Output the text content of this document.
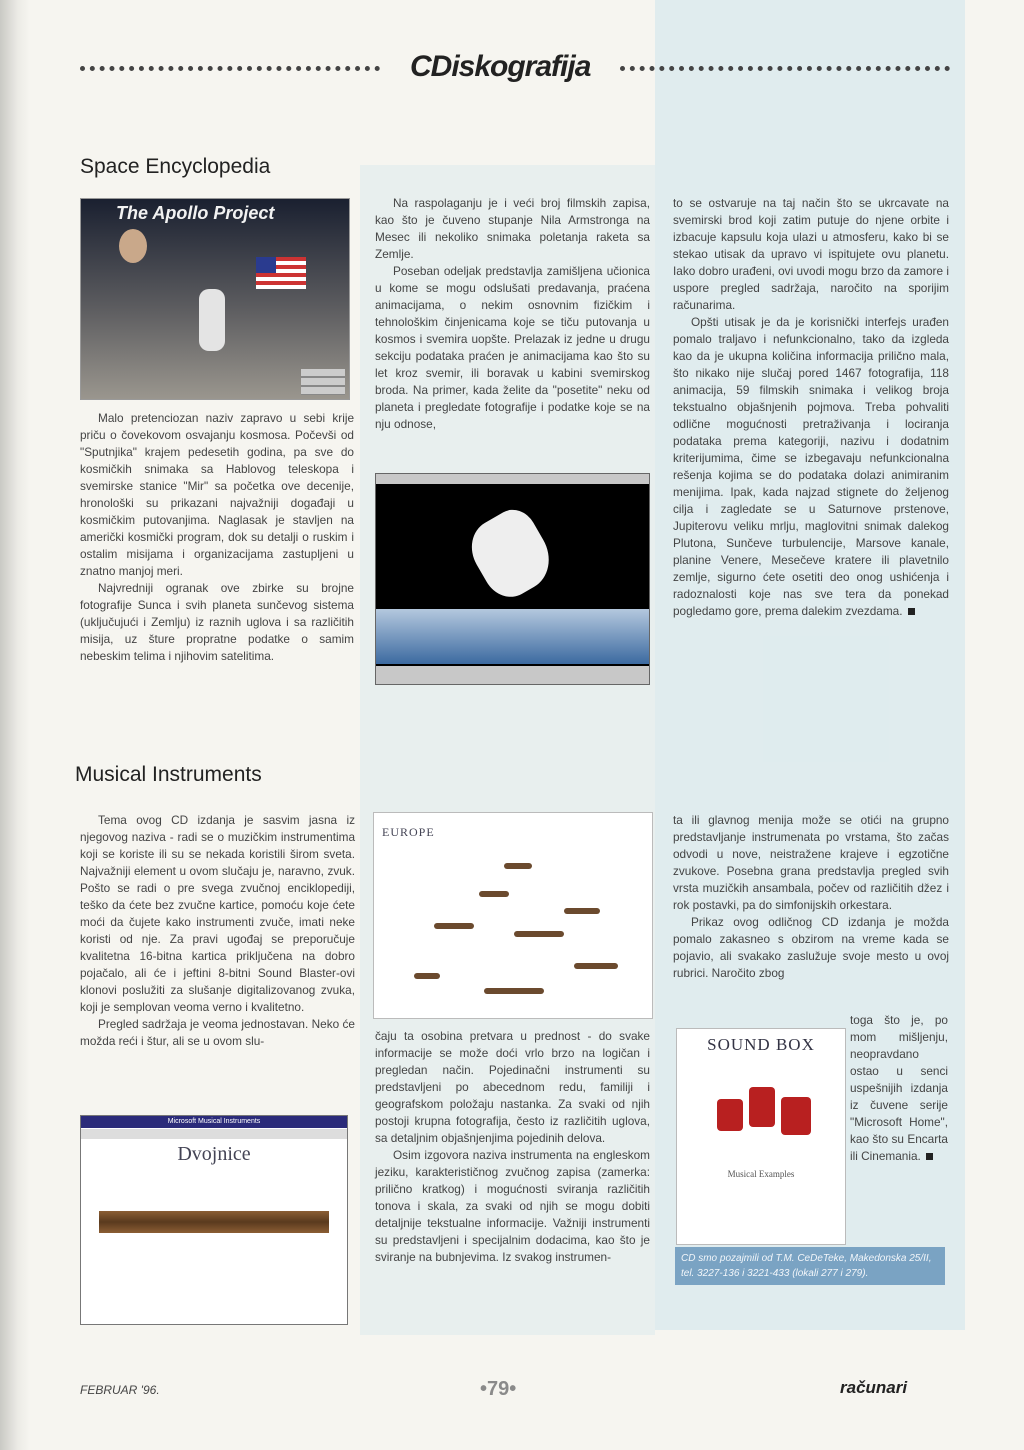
CDiskografija
Space Encyclopedia
The Apollo Project

Malo pretenciozan naziv zapravo u sebi krije priču o čovekovom osvajanju kosmosa. Počevši od "Sputnjika" krajem pedesetih godina, pa sve do kosmičkih snimaka sa Hablovog teleskopa i svemirske stanice "Mir" sa početka ove decenije, hronološki su prikazani najvažniji događaji u kosmičkim putovanjima. Naglasak je stavljen na američki kosmički program, dok su detalji o ruskim i ostalim misijama i organizacijama zastupljeni u znatno manjoj meri.

Najvredniji ogranak ove zbirke su brojne fotografije Sunca i svih planeta sunčevog sistema (uključujući i Zemlju) iz raznih uglova i sa različitih misija, uz šture propratne podatke o samim nebeskim telima i njihovim satelitima.

Na raspolaganju je i veći broj filmskih zapisa, kao što je čuveno stupanje Nila Armstronga na Mesec ili nekoliko snimaka poletanja raketa sa Zemlje.

Poseban odeljak predstavlja zamišljena učionica u kome se mogu odslušati predavanja, praćena animacijama, o nekim osnovnim fizičkim i tehnološkim činjenicama koje se tiču putovanja u kosmos i svemira uopšte. Prelazak iz jedne u drugu sekciju podataka praćen je animacijama kao što su let kroz svemir, ili boravak u kabini svemirskog broda. Na primer, kada želite da "posetite" neku od planeta i pregledate fotografije i podatke koje se na nju odnose,

to se ostvaruje na taj način što se ukrcavate na svemirski brod koji zatim putuje do njene orbite i izbacuje kapsulu koja ulazi u atmosferu, kako bi se stekao utisak da upravo vi ispitujete ovu planetu. Iako dobro urađeni, ovi uvodi mogu brzo da zamore i uspore pregled sadržaja, naročito na sporijim računarima.

Opšti utisak je da je korisnički interfejs urađen pomalo traljavo i nefunkcionalno, tako da izgleda kao da je ukupna količina informacija prilično mala, što nikako nije slučaj pored 1467 fotografija, 118 animacija, 59 filmskih snimaka i velikog broja tekstualno objašnjenih pojmova. Treba pohvaliti odlične mogućnosti pretraživanja i lociranja podataka prema kategoriji, nazivu i dodatnim kriterijumima, čime se izbegavaju nefunkcionalna rešenja kojima se do podataka dolazi animiranim menijima. Ipak, kada najzad stignete do željenog cilja i zagledate se u Saturnove prstenove, Jupiterovu veliku mrlju, maglovitni snimak dalekog Plutona, Sunčeve turbulencije, Marsove kanale, planine Venere, Mesečeve kratere ili plavetnilo zemlje, sigurno ćete osetiti deo onog ushićenja i radoznalosti koje nas sve tera da ponekad pogledamo gore, prema dalekim zvezdama.

Musical Instruments

Tema ovog CD izdanja je sasvim jasna iz njegovog naziva - radi se o muzičkim instrumentima koji se koriste ili su se nekada koristili širom sveta. Najvažniji element u ovom slučaju je, naravno, zvuk. Pošto se radi o pre svega zvučnoj enciklopediji, teško da ćete bez zvučne kartice, pomoću koje ćete moći da čujete kako instrumenti zvuče, imati neke koristi od nje. Za pravi ugođaj se preporučuje kvalitetna 16-bitna kartica priključena na dobro pojačalo, ali će i jeftini 8-bitni Sound Blaster-ovi klonovi poslužiti za slušanje digitalizovanog zvuka, koji je semplovan veoma verno i kvalitetno.

Pregled sadržaja je veoma jednostavan. Neko će možda reći i štur, ali se u ovom slu-

Microsoft Musical Instruments
Dvojnice
EUROPE

čaju ta osobina pretvara u prednost - do svake informacije se može doći vrlo brzo na logičan i pregledan način. Pojedinačni instrumenti su predstavljeni po abecednom redu, familiji i geografskom položaju nastanka. Za svaki od njih postoji krupna fotografija, često iz različitih uglova, sa detaljnim objašnjenjima pojedinih delova.

Osim izgovora naziva instrumenta na engleskom jeziku, karakterističnog zvučnog zapisa (zamerka: prilično kratkog) i mogućnosti sviranja različitih tonova i skala, za svaki od njih se mogu dobiti detaljnije tekstualne informacije. Važniji instrumenti su predstavljeni i specijalnim dodacima, kao što je sviranje na bubnjevima. Iz svakog instrumen-

ta ili glavnog menija može se otići na grupno predstavljanje instrumenata po vrstama, što začas odvodi u nove, neistražene krajeve i egzotične zvukove. Posebna grana predstavlja pregled svih vrsta muzičkih ansambala, počev od različitih džez i rok postavki, pa do simfonijskih orkestara.

Prikaz ovog odličnog CD izdanja je možda pomalo zakasneo s obzirom na vreme kada se pojavio, ali svakako zaslužuje svoje mesto u ovoj rubrici. Naročito zbog

SOUND BOX
Musical Examples
toga što je, po mom mišljenju, neopravdano ostao u senci uspešnijih izdanja iz čuvene serije "Microsoft Home", kao što su Encarta ili Cinemania.
CD smo pozajmili od T.M. CeDeTeke, Makedonska 25/II, tel. 3227-136 i 3221-433 (lokali 277 i 279).
FEBRUAR '96.	•79•	računari
